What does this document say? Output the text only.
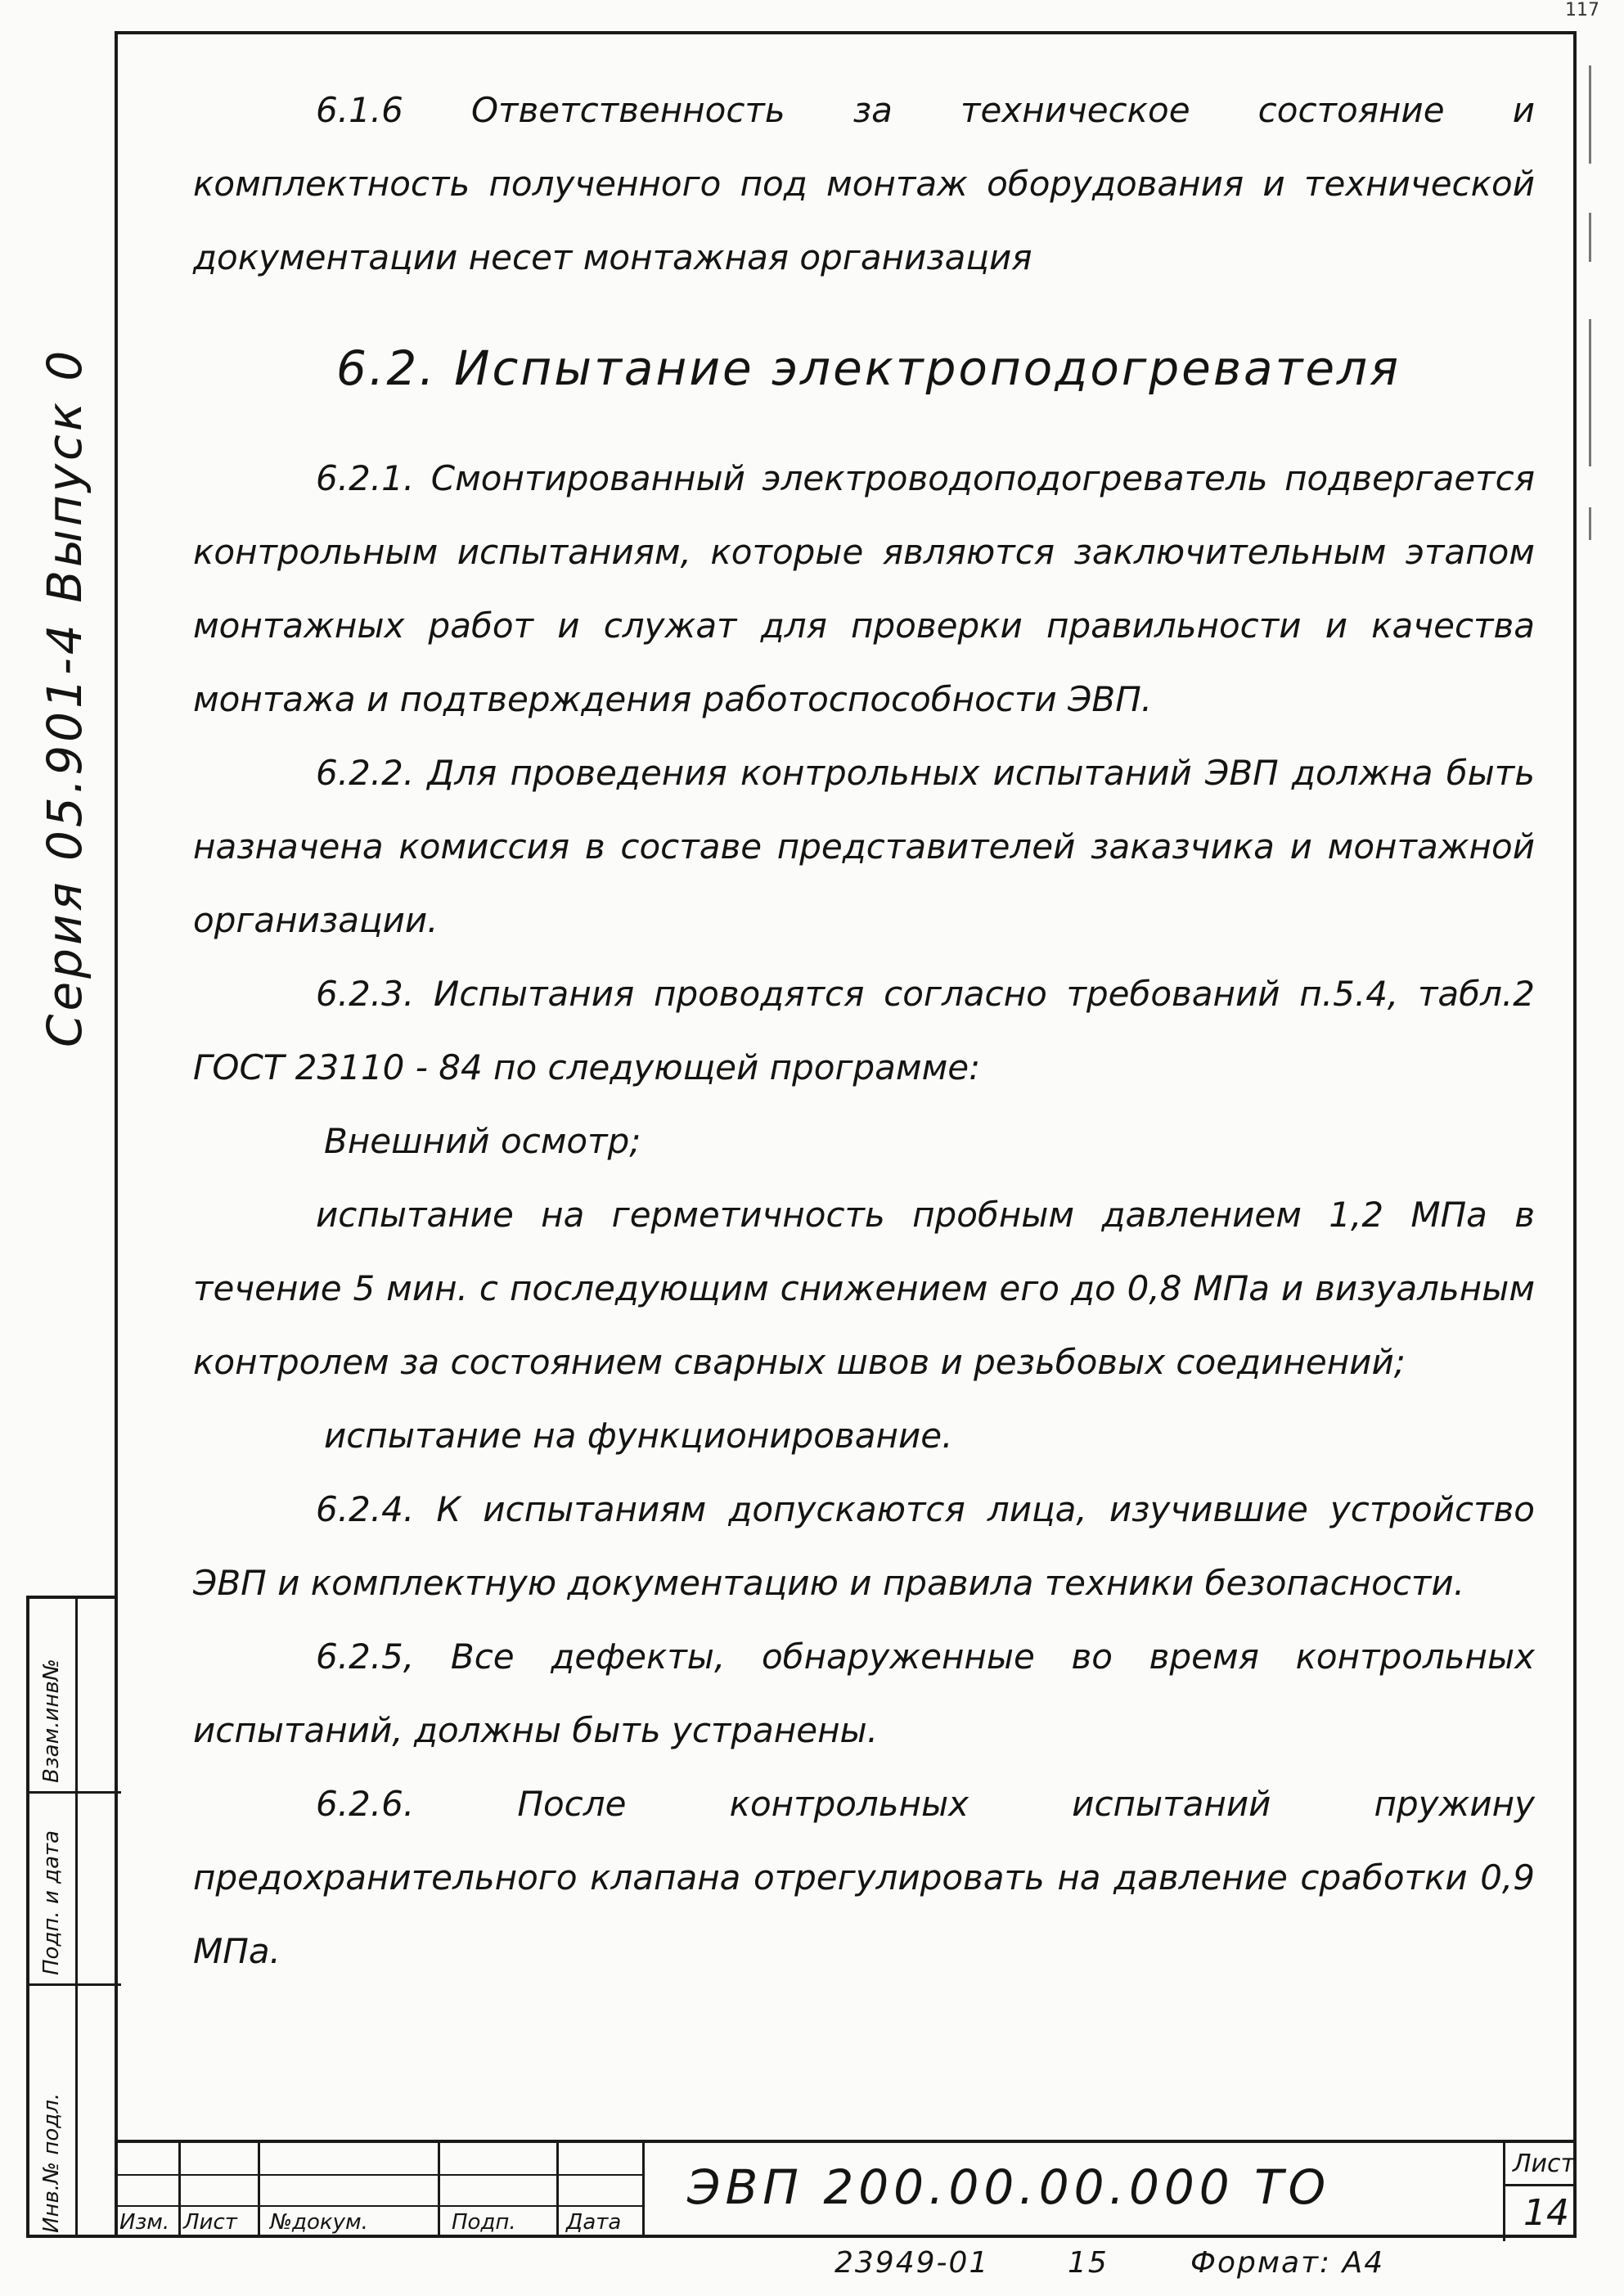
117
Серия 05.901-4 Выпуск 0

6.1.6 Ответственность за техническое состояние и комплектность полученного под монтаж оборудования и технической документации несет монтажная организация

6.2. Испытание электроподогревателя

6.2.1. Смонтированный электроводоподогреватель подвергается контрольным испытаниям, которые являются заключительным этапом монтажных работ и служат для проверки правильности и качества монтажа и подтверждения работоспособности ЭВП.

6.2.2. Для проведения контрольных испытаний ЭВП должна быть назначена комиссия в составе представителей заказчика и монтажной организации.

6.2.3. Испытания проводятся согласно требований п.5.4, табл.2 ГОСТ 23110 - 84 по следующей программе:

Внешний осмотр;

испытание на герметичность пробным давлением 1,2 МПа в течение 5 мин. с последующим снижением его до 0,8 МПа и визуальным контролем за состоянием сварных швов и резьбовых соединений;

испытание на функционирование.

6.2.4. К испытаниям допускаются лица, изучившие устройство ЭВП и комплектную документацию и правила техники безопасности.

6.2.5, Все дефекты, обнаруженные во время контрольных испытаний, должны быть устранены.

6.2.6. После контрольных испытаний пружину предохранительного клапана отрегулировать на давление сработки 0,9 МПа.

Взам.инв№
Подп. и дата
Инв.№ подл.	Изм. Лист №докум.	Подп. Дата
ЭВП 200.00.00.000 ТО	Лист
14
23949-01	15	Формат: А4
